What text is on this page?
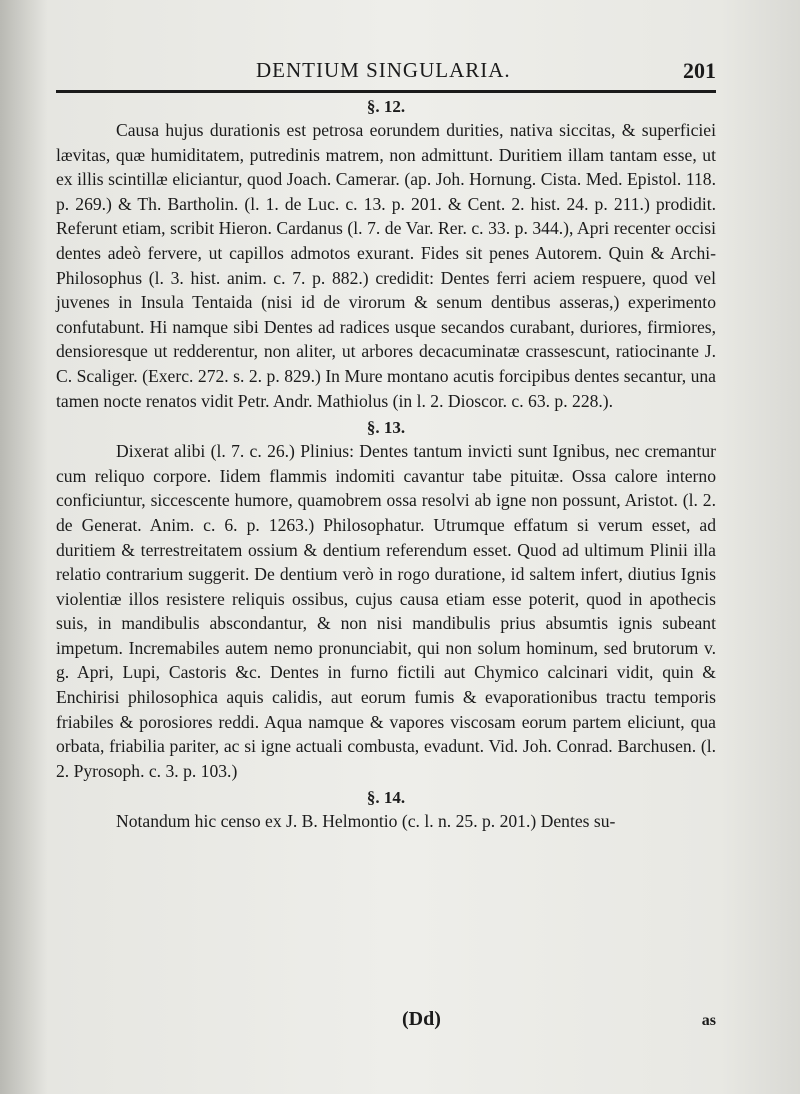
DENTIUM SINGULARIA.	201
§. 12.

Causa hujus durationis est petrosa eorundem durities, nativa siccitas, & superficiei lævitas, quæ humiditatem, putredinis matrem, non admittunt. Duritiem illam tantam esse, ut ex illis scintillæ eliciantur, quod Joach. Camerar. (ap. Joh. Hornung. Cista. Med. Epistol. 118. p. 269.) & Th. Bartholin. (l. 1. de Luc. c. 13. p. 201. & Cent. 2. hist. 24. p. 211.) prodidit. Referunt etiam, scribit Hieron. Cardanus (l. 7. de Var. Rer. c. 33. p. 344.), Apri recenter occisi dentes adeò fervere, ut capillos admotos exurant. Fides sit penes Autorem. Quin & Archi-Philosophus (l. 3. hist. anim. c. 7. p. 882.) credidit: Dentes ferri aciem respuere, quod vel juvenes in Insula Tentaida (nisi id de virorum & senum dentibus asseras,) experimento confutabunt. Hi namque sibi Dentes ad radices usque secandos curabant, duriores, firmiores, densioresque ut redderentur, non aliter, ut arbores decacuminatæ crassescunt, ratiocinante J. C. Scaliger. (Exerc. 272. s. 2. p. 829.) In Mure montano acutis forcipibus dentes secantur, una tamen nocte renatos vidit Petr. Andr. Mathiolus (in l. 2. Dioscor. c. 63. p. 228.).

§. 13.

Dixerat alibi (l. 7. c. 26.) Plinius: Dentes tantum invicti sunt Ignibus, nec cremantur cum reliquo corpore. Iidem flammis indomiti cavantur tabe pituitæ. Ossa calore interno conficiuntur, siccescente humore, quamobrem ossa resolvi ab igne non possunt, Aristot. (l. 2. de Generat. Anim. c. 6. p. 1263.) Philosophatur. Utrumque effatum si verum esset, ad duritiem & terrestreitatem ossium & dentium referendum esset. Quod ad ultimum Plinii illa relatio contrarium suggerit. De dentium verò in rogo duratione, id saltem infert, diutius Ignis violentiæ illos resistere reliquis ossibus, cujus causa etiam esse poterit, quod in apothecis suis, in mandibulis abscondantur, & non nisi mandibulis prius absumtis ignis subeant impetum. Incremabiles autem nemo pronunciabit, qui non solum hominum, sed brutorum v. g. Apri, Lupi, Castoris &c. Dentes in furno fictili aut Chymico calcinari vidit, quin & Enchirisi philosophica aquis calidis, aut eorum fumis & evaporationibus tractu temporis friabiles & porosiores reddi. Aqua namque & vapores viscosam eorum partem eliciunt, qua orbata, friabilia pariter, ac si igne actuali combusta, evadunt. Vid. Joh. Conrad. Barchusen. (l. 2. Pyrosoph. c. 3. p. 103.)

§. 14.

Notandum hic censo ex J. B. Helmontio (c. l. n. 25. p. 201.) Dentes su-

(Dd)	as
